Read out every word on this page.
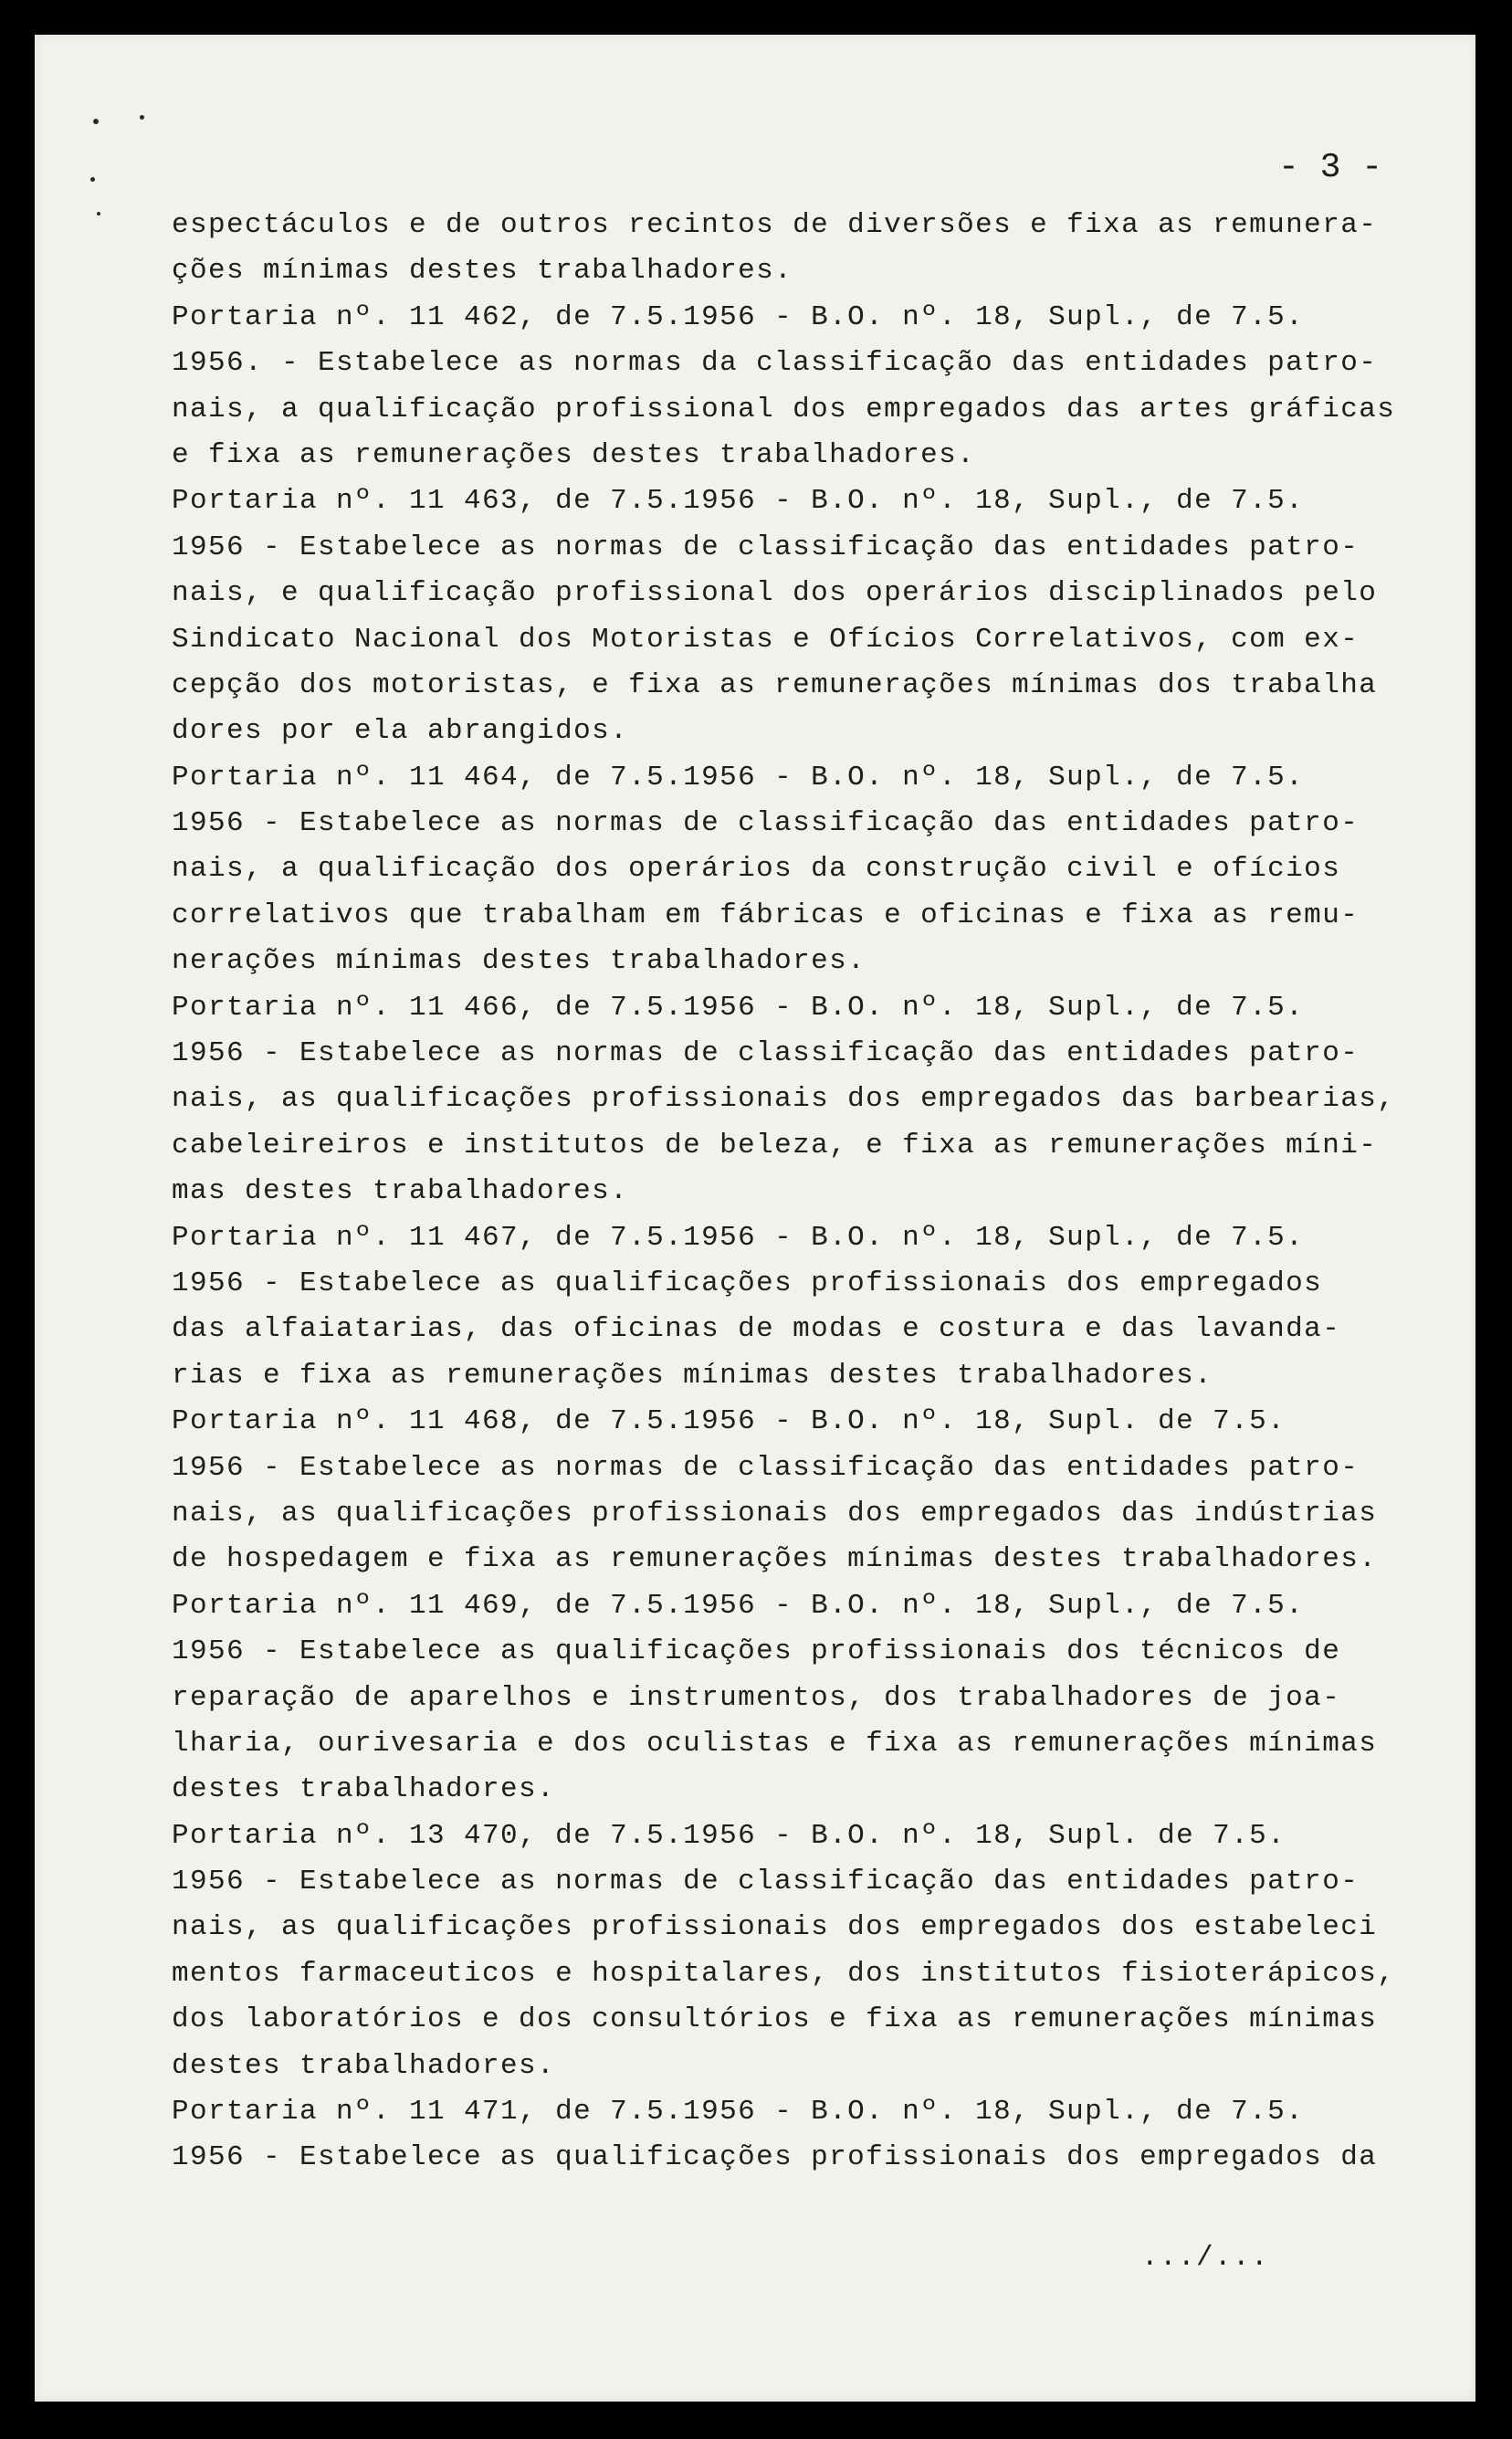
- 3 -
espectáculos e de outros recintos de diversões e fixa as remunera-
ções mínimas destes trabalhadores.
Portaria nº. 11 462, de 7.5.1956 - B.O. nº. 18, Supl., de 7.5.
1956. - Estabelece as normas da classificação das entidades patro-
nais, a qualificação profissional dos empregados das artes gráficas
e fixa as remunerações destes trabalhadores.
Portaria nº. 11 463, de 7.5.1956 - B.O. nº. 18, Supl., de 7.5.
1956 - Estabelece as normas de classificação das entidades patro-
nais, e qualificação profissional dos operários disciplinados pelo
Sindicato Nacional dos Motoristas e Ofícios Correlativos, com ex-
cepção dos motoristas, e fixa as remunerações mínimas dos trabalha
dores por ela abrangidos.
Portaria nº. 11 464, de 7.5.1956 - B.O. nº. 18, Supl., de 7.5.
1956 - Estabelece as normas de classificação das entidades patro-
nais, a qualificação dos operários da construção civil e ofícios
correlativos que trabalham em fábricas e oficinas e fixa as remu-
nerações mínimas destes trabalhadores.
Portaria nº. 11 466, de 7.5.1956 - B.O. nº. 18, Supl., de 7.5.
1956 - Estabelece as normas de classificação das entidades patro-
nais, as qualificações profissionais dos empregados das barbearias,
cabeleireiros e institutos de beleza, e fixa as remunerações míni-
mas destes trabalhadores.
Portaria nº. 11 467, de 7.5.1956 - B.O. nº. 18, Supl., de 7.5.
1956 - Estabelece as qualificações profissionais dos empregados
das alfaiatarias, das oficinas de modas e costura e das lavanda-
rias e fixa as remunerações mínimas destes trabalhadores.
Portaria nº. 11 468, de 7.5.1956 - B.O. nº. 18, Supl. de 7.5.
1956 - Estabelece as normas de classificação das entidades patro-
nais, as qualificações profissionais dos empregados das indústrias
de hospedagem e fixa as remunerações mínimas destes trabalhadores.
Portaria nº. 11 469, de 7.5.1956 - B.O. nº. 18, Supl., de 7.5.
1956 - Estabelece as qualificações profissionais dos técnicos de
reparação de aparelhos e instrumentos, dos trabalhadores de joa-
lharia, ourivesaria e dos oculistas e fixa as remunerações mínimas
destes trabalhadores.
Portaria nº. 13 470, de 7.5.1956 - B.O. nº. 18, Supl. de 7.5.
1956 - Estabelece as normas de classificação das entidades patro-
nais, as qualificações profissionais dos empregados dos estabeleci
mentos farmaceuticos e hospitalares, dos institutos fisioterápicos,
dos laboratórios e dos consultórios e fixa as remunerações mínimas
destes trabalhadores.
Portaria nº. 11 471, de 7.5.1956 - B.O. nº. 18, Supl., de 7.5.
1956 - Estabelece as qualificações profissionais dos empregados da
.../...
